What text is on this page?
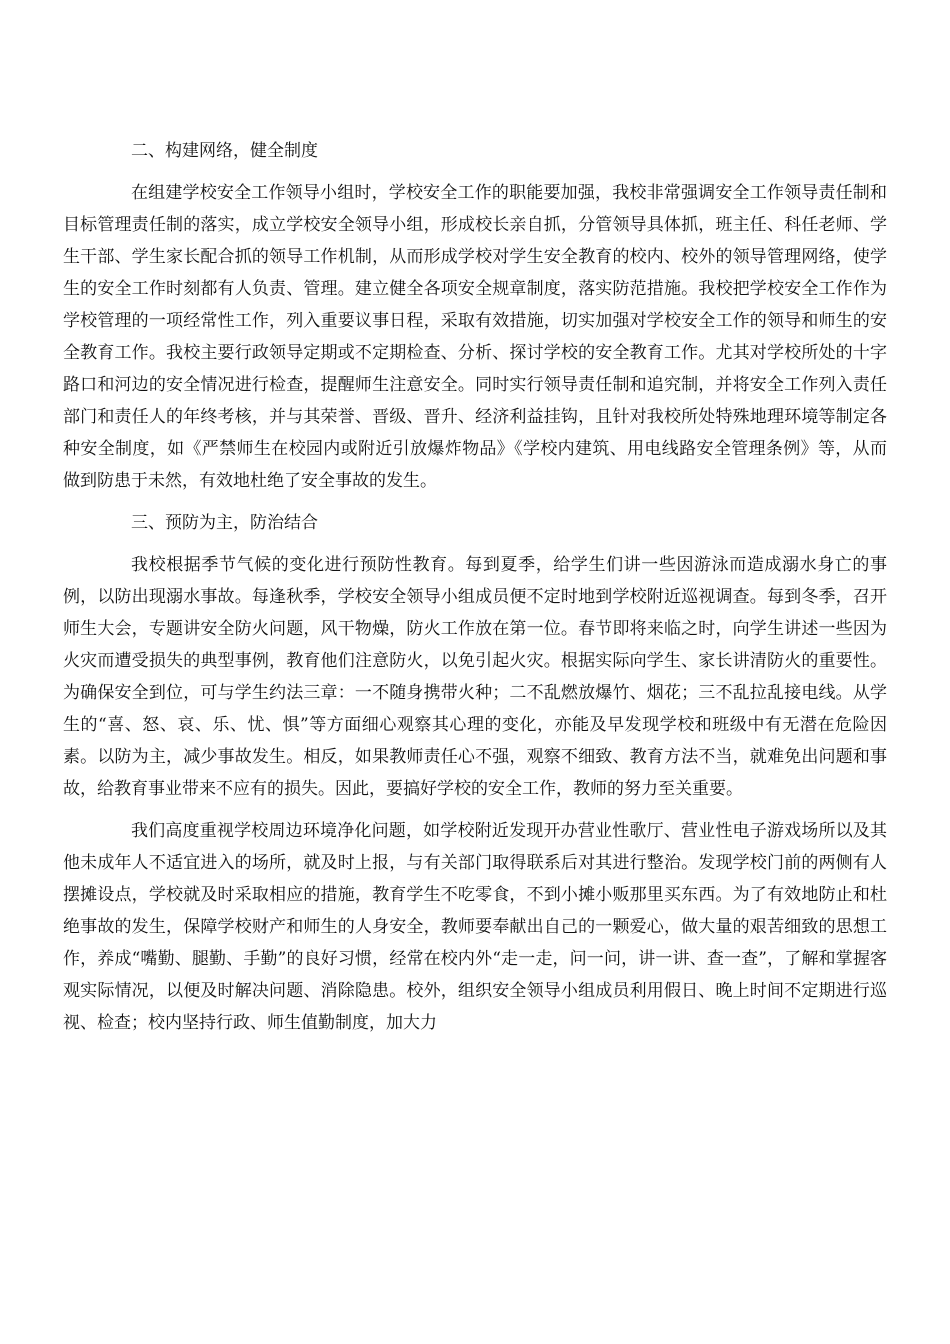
二、构建网络，健全制度

在组建学校安全工作领导小组时，学校安全工作的职能要加强，我校非常强调安全工作领导责任制和目标管理责任制的落实，成立学校安全领导小组，形成校长亲自抓，分管领导具体抓，班主任、科任老师、学生干部、学生家长配合抓的领导工作机制，从而形成学校对学生安全教育的校内、校外的领导管理网络，使学生的安全工作时刻都有人负责、管理。建立健全各项安全规章制度，落实防范措施。我校把学校安全工作作为学校管理的一项经常性工作，列入重要议事日程，采取有效措施，切实加强对学校安全工作的领导和师生的安全教育工作。我校主要行政领导定期或不定期检查、分析、探讨学校的安全教育工作。尤其对学校所处的十字路口和河边的安全情况进行检查，提醒师生注意安全。同时实行领导责任制和追究制，并将安全工作列入责任部门和责任人的年终考核，并与其荣誉、晋级、晋升、经济利益挂钩，且针对我校所处特殊地理环境等制定各种安全制度，如《严禁师生在校园内或附近引放爆炸物品》《学校内建筑、用电线路安全管理条例》等，从而做到防患于未然，有效地杜绝了安全事故的发生。

三、预防为主，防治结合

我校根据季节气候的变化进行预防性教育。每到夏季，给学生们讲一些因游泳而造成溺水身亡的事例，以防出现溺水事故。每逢秋季，学校安全领导小组成员便不定时地到学校附近巡视调查。每到冬季，召开师生大会，专题讲安全防火问题，风干物燥，防火工作放在第一位。春节即将来临之时，向学生讲述一些因为火灾而遭受损失的典型事例，教育他们注意防火，以免引起火灾。根据实际向学生、家长讲清防火的重要性。为确保安全到位，可与学生约法三章：一不随身携带火种；二不乱燃放爆竹、烟花；三不乱拉乱接电线。从学生的“喜、怒、哀、乐、忧、惧”等方面细心观察其心理的变化，亦能及早发现学校和班级中有无潜在危险因素。以防为主，减少事故发生。相反，如果教师责任心不强，观察不细致、教育方法不当，就难免出问题和事故，给教育事业带来不应有的损失。因此，要搞好学校的安全工作，教师的努力至关重要。

我们高度重视学校周边环境净化问题，如学校附近发现开办营业性歌厅、营业性电子游戏场所以及其他未成年人不适宜进入的场所，就及时上报，与有关部门取得联系后对其进行整治。发现学校门前的两侧有人摆摊设点，学校就及时采取相应的措施，教育学生不吃零食，不到小摊小贩那里买东西。为了有效地防止和杜绝事故的发生，保障学校财产和师生的人身安全，教师要奉献出自己的一颗爱心，做大量的艰苦细致的思想工作，养成“嘴勤、腿勤、手勤”的良好习惯，经常在校内外“走一走，问一问，讲一讲、查一查”，了解和掌握客观实际情况，以便及时解决问题、消除隐患。校外，组织安全领导小组成员利用假日、晚上时间不定期进行巡视、检查；校内坚持行政、师生值勤制度，加大力
